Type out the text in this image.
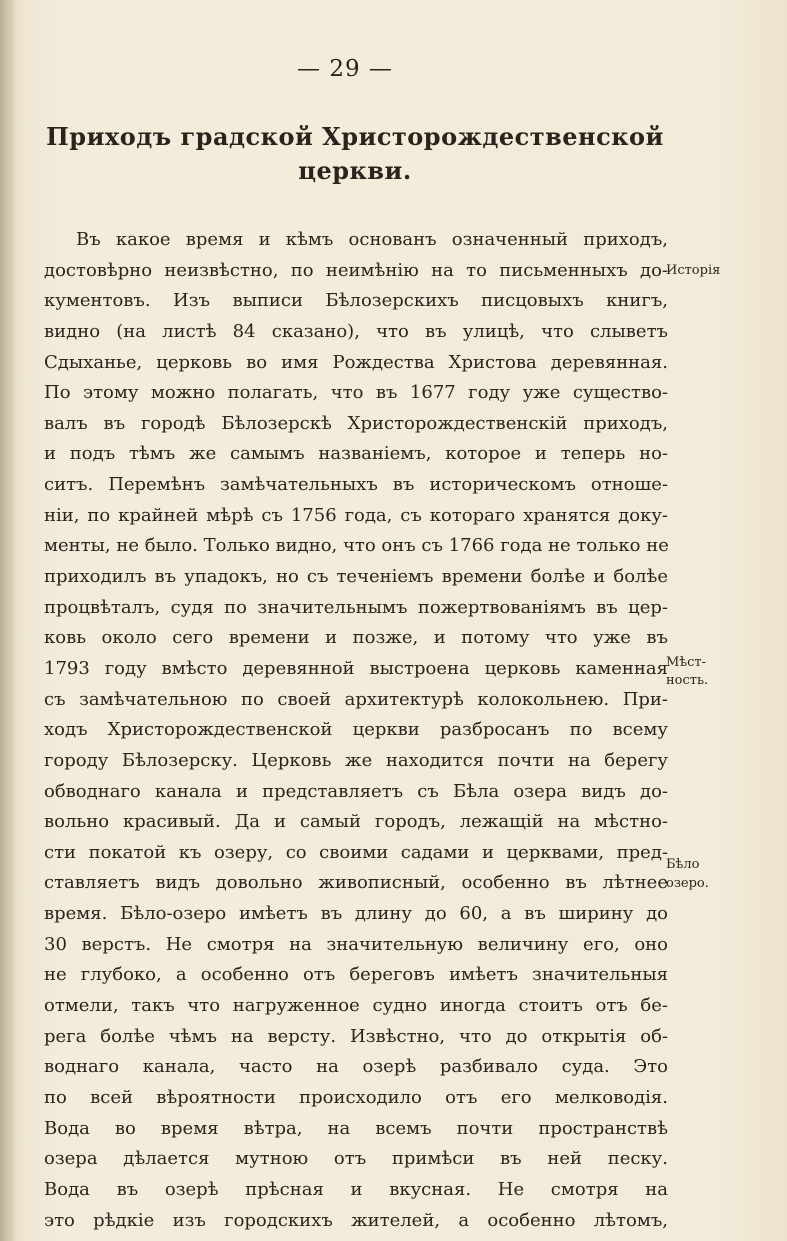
— 29 —
Приходъ градской Христорождественской
церкви.
Въ какое время и кѣмъ основанъ означенный приходъ,
достовѣрно неизвѣстно, по неимѣнію на то письменныхъ до-
кументовъ. Изъ выписи Бѣлозерскихъ писцовыхъ книгъ,
видно (на листѣ 84 сказано), что въ улицѣ, что слыветъ
Сдыханье, церковь во имя Рождества Христова деревянная.
По этому можно полагать, что въ 1677 году уже существо-
валъ въ городѣ Бѣлозерскѣ Христорождественскій приходъ,
и подъ тѣмъ же самымъ названіемъ, которое и теперь но-
ситъ. Перемѣнъ замѣчательныхъ въ историческомъ отноше-
ніи, по крайней мѣрѣ съ 1756 года, съ котораго хранятся доку-
менты, не было. Только видно, что онъ съ 1766 года не только не
приходилъ въ упадокъ, но съ теченіемъ времени болѣе и болѣе
процвѣталъ, судя по значительнымъ пожертвованіямъ въ цер-
ковь около сего времени и позже, и потому что уже въ
1793 году вмѣсто деревянной выстроена церковь каменная
съ замѣчательною по своей архитектурѣ колокольнею. При-
ходъ Христорождественской церкви разбросанъ по всему
городу Бѣлозерску. Церковь же находится почти на берегу
обводнаго канала и представляетъ съ Бѣла озера видъ до-
вольно красивый. Да и самый городъ, лежащій на мѣстно-
сти покатой къ озеру, со своими садами и церквами, пред-
ставляетъ видъ довольно живописный, особенно въ лѣтнее
время. Бѣло-озеро имѣетъ въ длину до 60, а въ ширину до
30 верстъ. Не смотря на значительную величину его, оно
не глубоко, а особенно отъ береговъ имѣетъ значительныя
отмели, такъ что нагруженное судно иногда стоитъ отъ бе-
рега болѣе чѣмъ на версту. Извѣстно, что до открытія об-
воднаго канала, часто на озерѣ разбивало суда. Это
по всей вѣроятности происходило отъ его мелководія.
Вода во время вѣтра, на всемъ почти пространствѣ
озера дѣлается мутною отъ примѣси въ ней песку.
Вода въ озерѣ прѣсная и вкусная. Не смотря на
это рѣдкіе изъ городскихъ жителей, а особенно лѣтомъ,
Исторія
Мѣст-
ность.
Бѣло
озеро.
